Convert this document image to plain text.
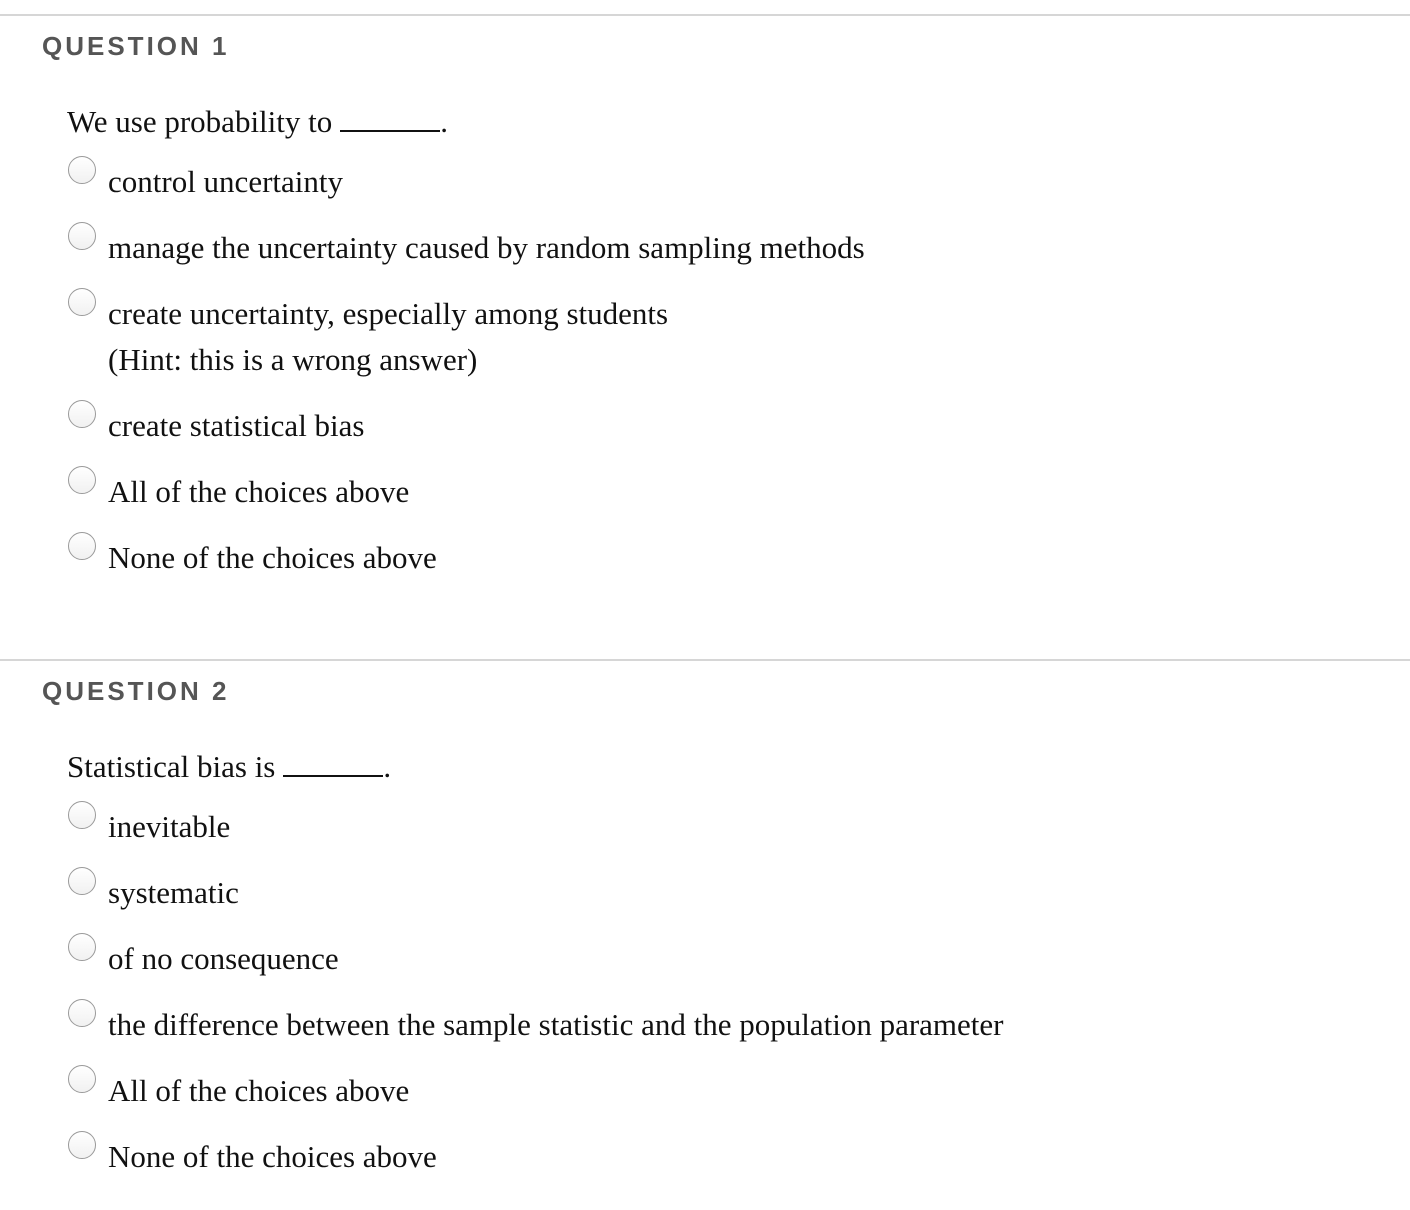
QUESTION 1
We use probability to	.
control uncertainty
manage the uncertainty caused by random sampling methods
create uncertainty, especially among students
(Hint: this is a wrong answer)
create statistical bias
All of the choices above
None of the choices above
QUESTION 2
Statistical bias is	.
inevitable
systematic
of no consequence
the difference between the sample statistic and the population parameter
All of the choices above
None of the choices above
